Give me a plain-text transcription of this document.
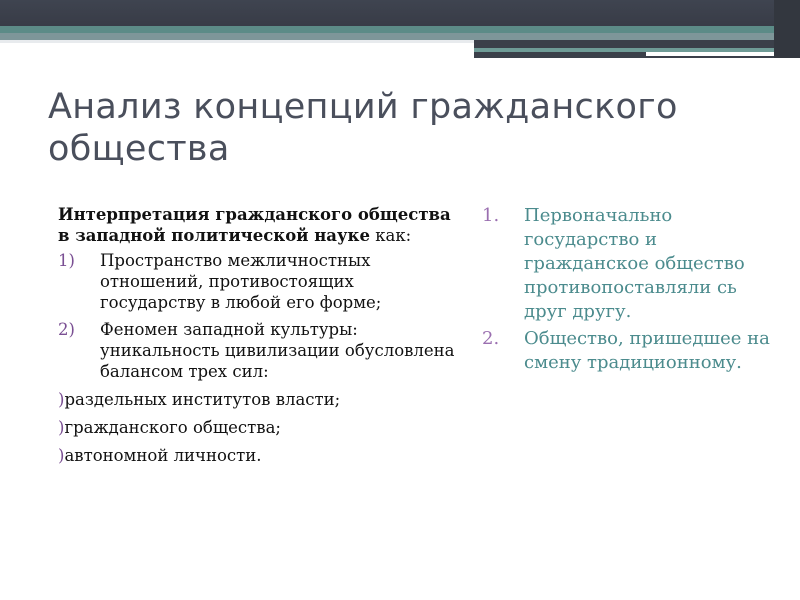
Анализ концепций гражданского общества

Интерпретация гражданского общества в западной политической науке как:

1) Пространство межличностных отношений, противостоящих государству в любой его форме;
2) Феномен западной культуры: уникальность цивилизации обусловлена балансом трех сил:
)раздельных институтов власти;
)гражданского общества;
)автономной личности.
1. Первоначально государство и гражданское общество противопоставляли сь друг другу.
2. Общество, пришедшее на смену традиционному.
